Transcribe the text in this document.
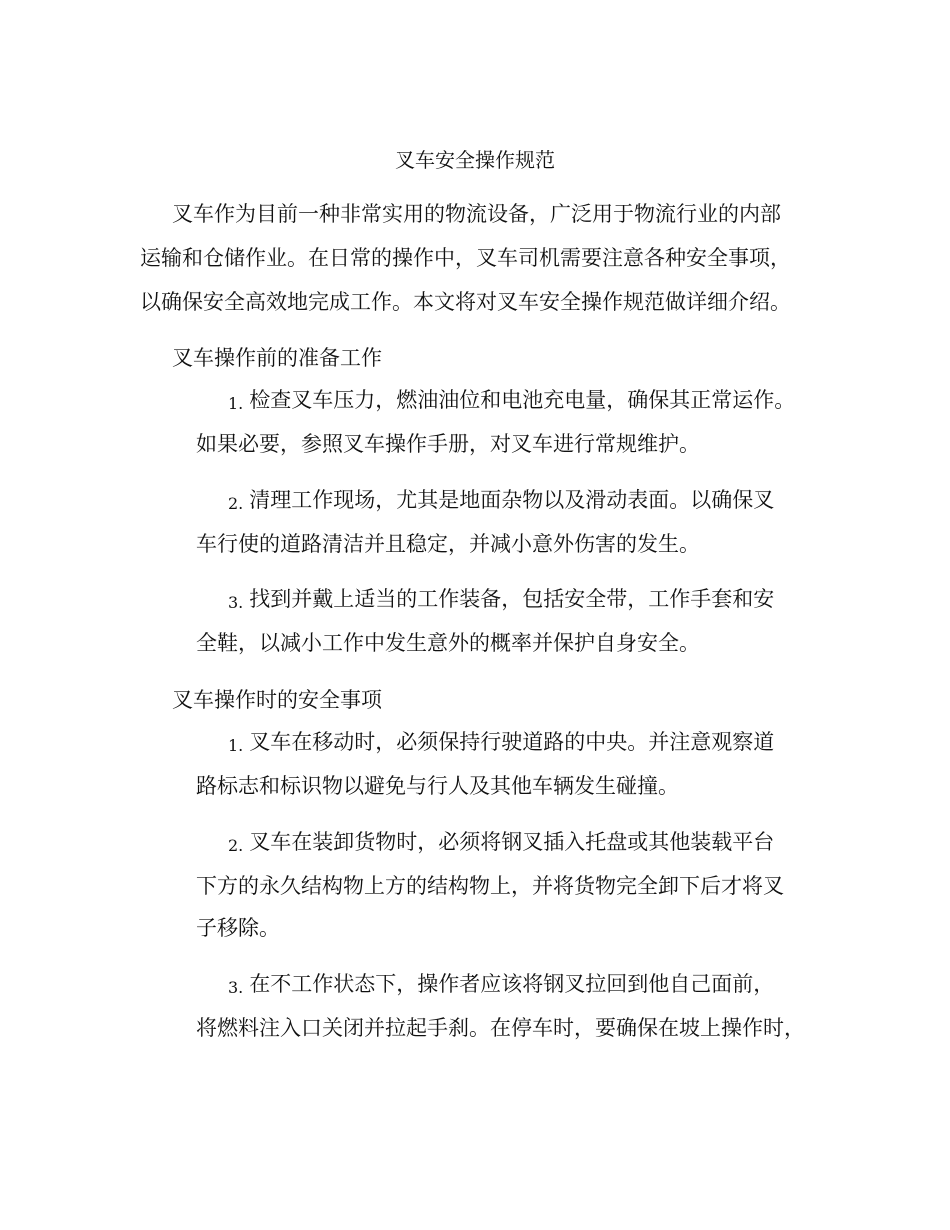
叉车安全操作规范
叉车作为目前一种非常实用的物流设备，广泛用于物流行业的内部
运输和仓储作业。在日常的操作中，叉车司机需要注意各种安全事项，
以确保安全高效地完成工作。本文将对叉车安全操作规范做详细介绍。
叉车操作前的准备工作
1. 检查叉车压力，燃油油位和电池充电量，确保其正常运作。
如果必要，参照叉车操作手册，对叉车进行常规维护。
2. 清理工作现场，尤其是地面杂物以及滑动表面。以确保叉
车行使的道路清洁并且稳定，并减小意外伤害的发生。
3. 找到并戴上适当的工作装备，包括安全带，工作手套和安
全鞋，以减小工作中发生意外的概率并保护自身安全。
叉车操作时的安全事项
1. 叉车在移动时，必须保持行驶道路的中央。并注意观察道
路标志和标识物以避免与行人及其他车辆发生碰撞。
2. 叉车在装卸货物时，必须将钢叉插入托盘或其他装载平台
下方的永久结构物上方的结构物上，并将货物完全卸下后才将叉
子移除。
3. 在不工作状态下，操作者应该将钢叉拉回到他自己面前，
将燃料注入口关闭并拉起手刹。在停车时，要确保在坡上操作时，
